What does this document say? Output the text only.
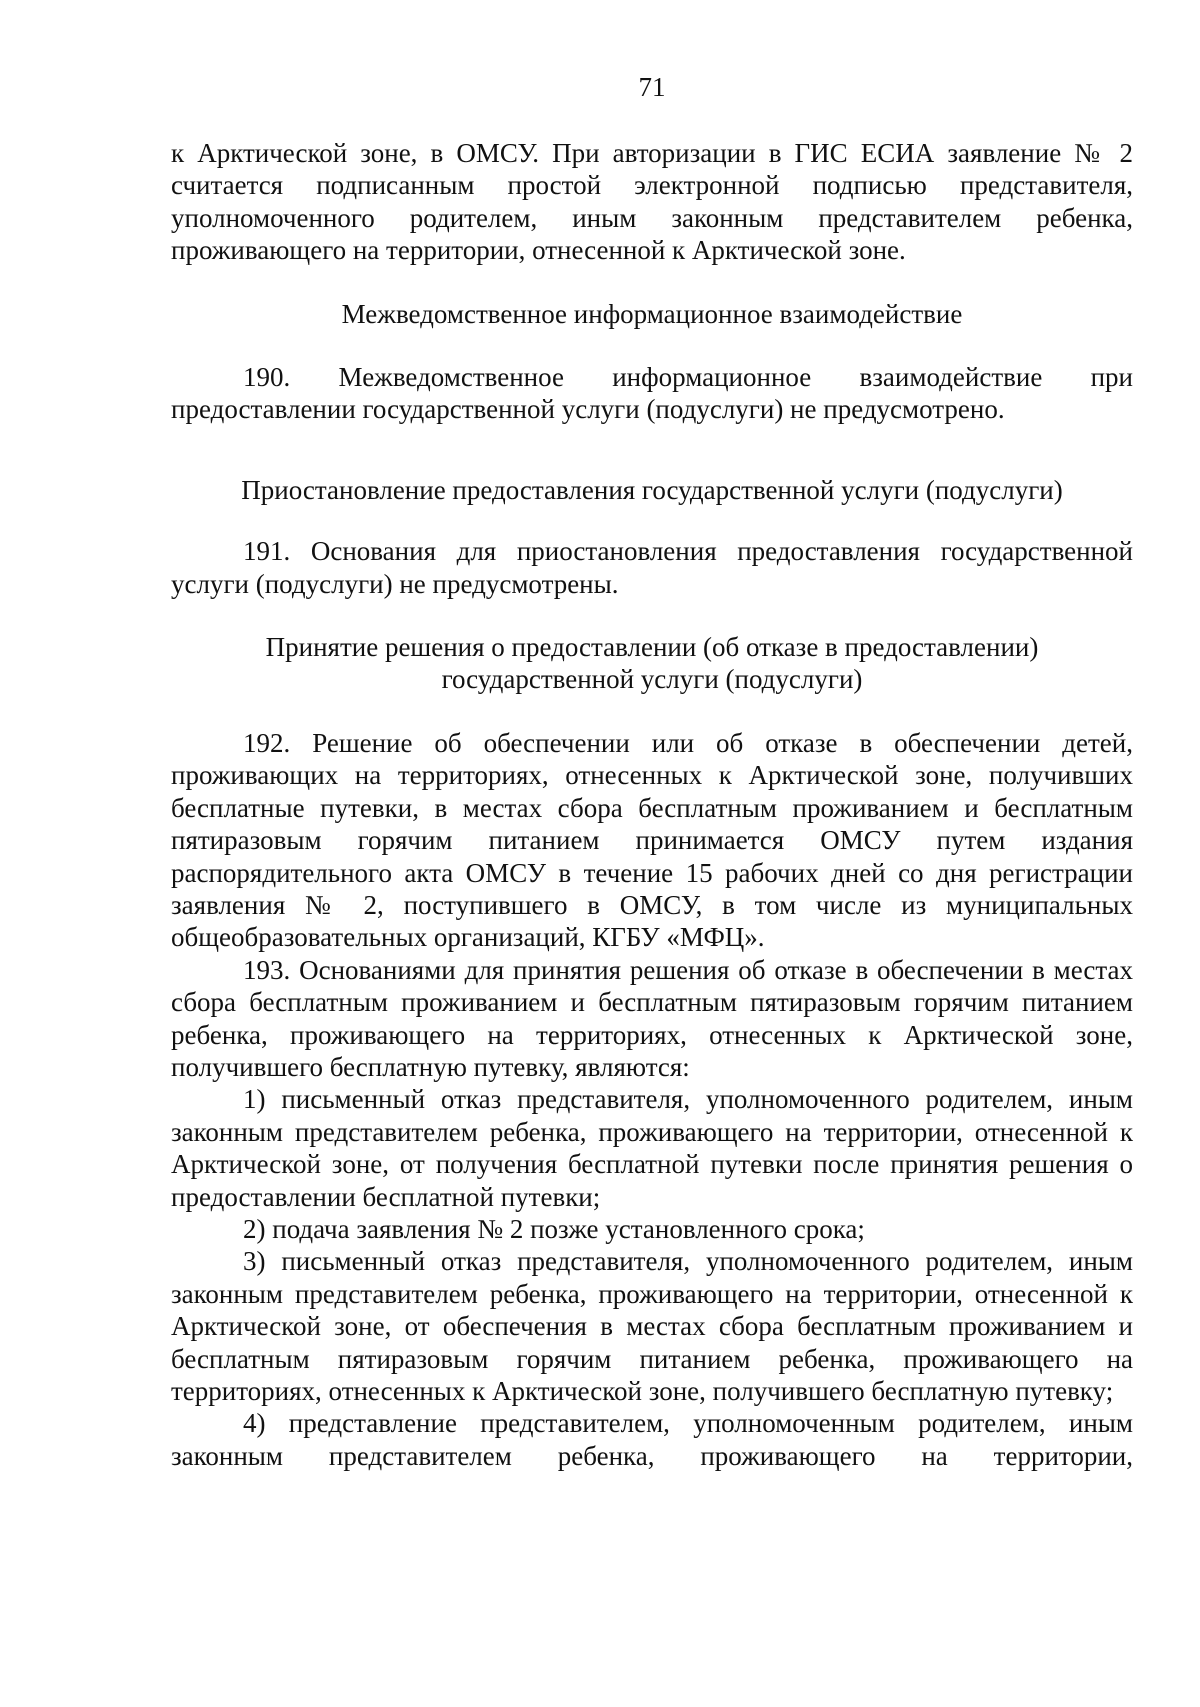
71

к Арктической зоне, в ОМСУ. При авторизации в ГИС ЕСИА заявление № 2 считается подписанным простой электронной подписью представителя, уполномоченного родителем, иным законным представителем ребенка, проживающего на территории, отнесенной к Арктической зоне.

Межведомственное информационное взаимодействие

190. Межведомственное информационное взаимодействие при предоставлении государственной услуги (подуслуги) не предусмотрено.

Приостановление предоставления государственной услуги (подуслуги)

191. Основания для приостановления предоставления государственной услуги (подуслуги) не предусмотрены.

Принятие решения о предоставлении (об отказе в предоставлении)

государственной услуги (подуслуги)

192. Решение об обеспечении или об отказе в обеспечении детей, проживающих на территориях, отнесенных к Арктической зоне, получивших бесплатные путевки, в местах сбора бесплатным проживанием и бесплатным пятиразовым горячим питанием принимается ОМСУ путем издания распорядительного акта ОМСУ в течение 15 рабочих дней со дня регистрации заявления № 2, поступившего в ОМСУ, в том числе из муниципальных общеобразовательных организаций, КГБУ «МФЦ».

193. Основаниями для принятия решения об отказе в обеспечении в местах сбора бесплатным проживанием и бесплатным пятиразовым горячим питанием ребенка, проживающего на территориях, отнесенных к Арктической зоне, получившего бесплатную путевку, являются:

1) письменный отказ представителя, уполномоченного родителем, иным законным представителем ребенка, проживающего на территории, отнесенной к Арктической зоне, от получения бесплатной путевки после принятия решения о предоставлении бесплатной путевки;

2) подача заявления № 2 позже установленного срока;

3) письменный отказ представителя, уполномоченного родителем, иным законным представителем ребенка, проживающего на территории, отнесенной к Арктической зоне, от обеспечения в местах сбора бесплатным проживанием и бесплатным пятиразовым горячим питанием ребенка, проживающего на территориях, отнесенных к Арктической зоне, получившего бесплатную путевку;

4) представление представителем, уполномоченным родителем, иным законным представителем ребенка, проживающего на территории,
